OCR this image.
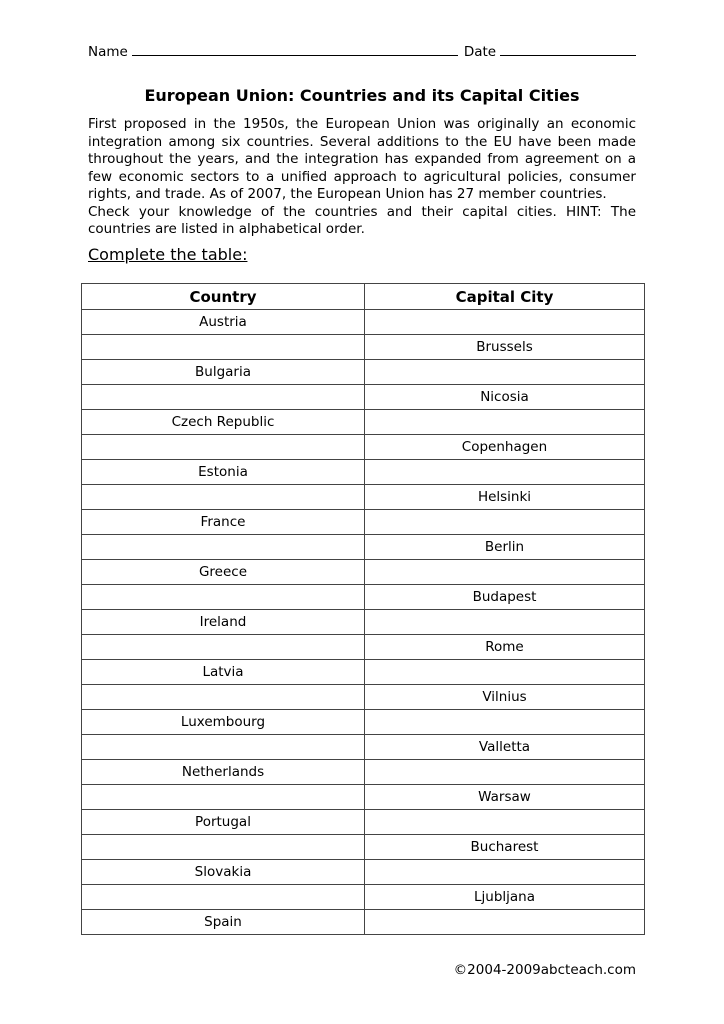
Name	Date
European Union: Countries and its Capital Cities

First proposed in the 1950s, the European Union was originally an economic integration among six countries. Several additions to the EU have been made throughout the years, and the integration has expanded from agreement on a few economic sectors to a unified approach to agricultural policies, consumer rights, and trade. As of 2007, the European Union has 27 member countries.

Check your knowledge of the countries and their capital cities. HINT: The countries are listed in alphabetical order.

Complete the table:
Country	Capital City
Austria	
	Brussels
Bulgaria	
	Nicosia
Czech Republic	
	Copenhagen
Estonia	
	Helsinki
France	
	Berlin
Greece	
	Budapest
Ireland	
	Rome
Latvia	
	Vilnius
Luxembourg	
	Valletta
Netherlands	
	Warsaw
Portugal	
	Bucharest
Slovakia	
	Ljubljana
Spain	
©2004-2009abcteach.com
